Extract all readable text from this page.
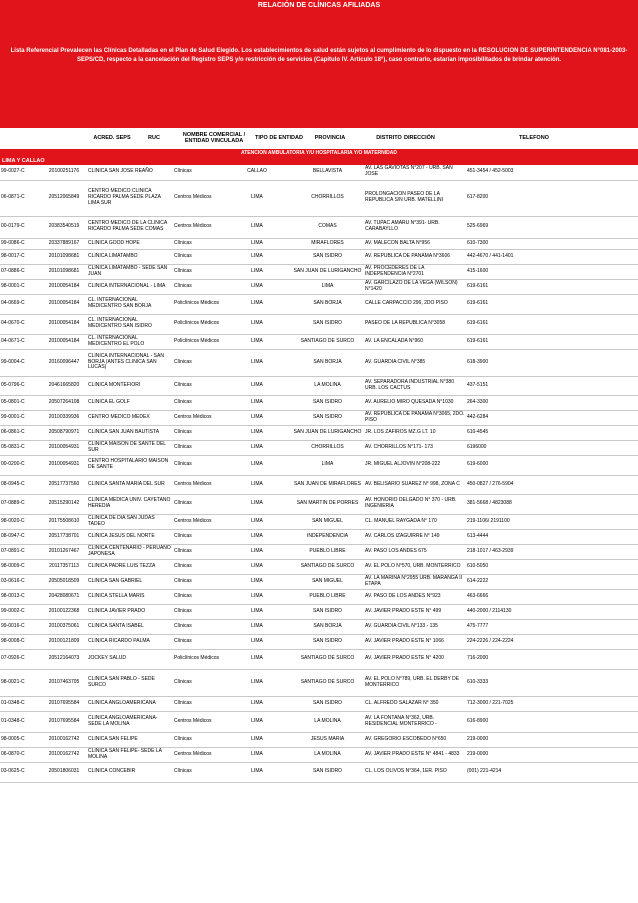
RELACIÓN DE CLÍNICAS AFILIADAS
Lista Referencial Prevalecen las Clínicas Detalladas en el Plan de Salud Elegido. Los establecimientos de salud están sujetos al cumplimiento de lo dispuesto en la RESOLUCION DE SUPERINTENDENCIA N°081-2003-SEPS/CD, respecto a la cancelación del Registro SEPS y/o restricción de servicios (Capítulo IV. Artículo 18°), caso contrario, estarían imposibilitados de brindar atención.
ACRED. SEPS	RUC
NOMBRE COMERCIAL / ENTIDAD VINCULADA
TIPO DE ENTIDAD	PROVINCIA	DISTRITO DIRECCIÓN	TELEFONO
ATENCION AMBULATORIA Y/U HOSPITALARIA Y/O MATERNIDAD
LIMA Y CALLAO
99-0027-C	20100251176	CLINICA SAN JOSE REAÑO	Clínicas	CALLAO	BELLAVISTA	AV. LAS GAVIOTAS N°207 - URB. SAN JOSE	451-3454 / 452-5003
06-0871-C	20512065849	CENTRO MEDICO CLINICA RICARDO PALMA SEDE PLAZA LIMA SUR	Centros Médicos	LIMA	CHORRILLOS	PROLONGACION PASEO DE LA REPUBLICA S/N URB. MATELLINI	617-8200
00-0179-C	20383540519	CENTRO MEDICO DE LA CLINICA RICARDO PALMA SEDE COMAS	Centros Médicos	LIMA	COMAS	AV. TUPAC AMARU N°391- URB. CARABAYLLO	525-6969
99-0086-C	20337889167	CLINICA GOOD HOPE	Clínicas	LIMA	MIRAFLORES	AV. MALECON BALTA N°956	610-7300
98-0017-C	20101098681	CLINICA LIMATAMBO	Clínicas	LIMA	SAN ISIDRO	AV. REPUBLICA DE PANAMA N°3606	442-4670 / 441-1401
07-0886-C	20101098681	CLINICA LIMATAMBO - SEDE SAN JUAN	Clínicas	LIMA	SAN JUAN DE LURIGANCHO	AV. PROCEDERES DE LA INDEPENDENCIA N°2701	415-1600
98-0001-C	20100054184	CLINICA INTERNACIONAL - LIMA	Clínicas	LIMA	LIMA	AV. GARCILAZO DE LA VEGA (WILSON) N°1420	619-6161
04-0669-C	20100054184	CL. INTERNACIONAL MEDICENTRO SAN BORJA	Policlínicos Médicos	LIMA	SAN BORJA	CALLE CARPACCIO 296, 2DO PISO	619-6161
04-0670-C	20100054184	CL. INTERNACIONAL MEDICENTRO SAN ISIDRO	Policlínicos Médicos	LIMA	SAN ISIDRO	PASEO DE LA REPUBLICA N°3058	619-6161
04-0671-C	20100054184	CL. INTERNACIONAL MEDICENTRO EL POLO	Policlínicos Médicos	LIMA	SANTIAGO DE SURCO	AV. LA ENCALADA N°960	619-6161
99-0004-C	20160096447	CLINICA INTERNACIONAL - SAN BORJA (ANTES CLINICA SAN LUCAS)	Clínicas	LIMA	SAN BORJA	AV. GUARDIA CIVIL N°385	618-3900
05-0796-C	20461665820	CLINICA MONTEFIORI	Clínicas	LIMA	LA MOLINA	AV. SEPARADORA INDUSTRIAL N°380 URB. LOS CACTUS	437-5151
05-0801-C	20507264108	CLINICA EL GOLF	Clínicas	LIMA	SAN ISIDRO	AV. AURELIO MIRO QUESADA N°1030	264-3300
99-0001-C	20100339936	CENTRO MEDICO MEDEX	Centros Médicos	LIMA	SAN ISIDRO	AV. REPUBLICA DE PANAMA N°3065, 2DO. PISO	442-6284
06-0861-C	20508790971	CLINICA SAN JUAN BAUTISTA	Clínicas	LIMA	SAN JUAN DE LURIGANCHO	JR. LOS ZAFIROS MZ.G LT. 10	610-4545
05-0831-C	20100054931	CLINICA MAISON DE SANTE DEL SUR	Clínicas	LIMA	CHORRILLOS	AV. CHORRILLOS N°171- 173	6196000
00-0200-C	20100054931	CENTRO HOSPITALARIO MAISON DE SANTE	Clínicas	LIMA	LIMA	JR. MIGUEL ALJOVIN N°208-222	619-6000
08-0945-C	20517737560	CLINICA SANTA MARIA DEL SUR	Centros Médicos	LIMA	SAN JUAN DE MIRAFLORES	AV. BELISARIO SUAREZ N° 998, ZONA C	450-0827 / 276-5904
07-0889-C	20515290142	CLINICA MEDICA UNIV. CAYETANO HEREDIA	Clínicas	LIMA	SAN MARTIN DE PORRES	AV. HONORIO DELGADO N° 370 - URB. INGENIERIA	381-5668 / 4823088
98-0020-C	20175508610	CLINICA DE DIA SAN JUDAS TADEO	Centros Médicos	LIMA	SAN MIGUEL	CL. MANUEL RAYGADA N° 170	219-1106/ 2191100
08-0947-C	20517738701	CLINICA JESUS DEL NORTE	Clínicas	LIMA	INDEPENDENCIA	AV. CARLOS IZAGUIRRE N° 149	613-4444
07-0891-C	20101267467	CLINICA CENTENARIO - PERUANO JAPONESA	Clínicas	LIMA	PUEBLO LIBRE	AV. PASO LOS ANDES 675	218-1017 / 463-2939
98-0009-C	20117357113	CLINICA PADRE LUIS TEZZA	Clínicas	LIMA	SANTIAGO DE SURCO	AV. EL POLO N°570, URB. MONTERRICO	610-5050
03-0616-C	20505018509	CLINICA SAN GABRIEL	Clínicas	LIMA	SAN MIGUEL	AV. LA MARINA N°2955 URB. MARANGA II ETAPA	614-2222
98-0013-C	20428080671	CLINICA STELLA MARIS	Clínicas	LIMA	PUEBLO LIBRE	AV. PASO DE LOS ANDES N°923	463-6666
99-0002-C	20100122368	CLINICA JAVIER PRADO	Clínicas	LIMA	SAN ISIDRO	AV. JAVIER PRADO ESTE N° 499	440-2000 / 2114130
99-0016-C	20100375061	CLINICA SANTA ISABEL	Clínicas	LIMA	SAN BORJA	AV. GUARDIA CIVIL N°133 - 135	475-7777
98-0008-C	20100121809	CLINICA RICARDO PALMA	Clínicas	LIMA	SAN ISIDRO	AV. JAVIER PRADO ESTE N° 1066	224-2226 / 224-2224
07-0926-C	20512164073	JOCKEY SALUD	Policlínicos Médicos	LIMA	SANTIAGO DE SURCO	AV. JAVIER PRADO ESTE N° 4200	716-2000
98-0021-C	20107463705	CLINICA SAN PABLO - SEDE SURCO	Clínicas	LIMA	SANTIAGO DE SURCO	AV. EL POLO N°789, URB. EL DERBY DE MONTERRICO	610-3333
01-0348-C	20107695584	CLINICA ANGLOAMERICANA	Clínicas	LIMA	SAN ISIDRO	CL. ALFREDO SALAZAR N° 350	712-3000 / 221-7025
01-0348-C	20107695584	CLINICA ANGLOAMERICANA- SEDE LA MOLINA	Centros Médicos	LIMA	LA MOLINA	AV. LA FONTANA N°362, URB. RESIDENCIAL MONTERRICO -	616-8900
98-0005-C	20100162742	CLINICA SAN FELIPE	Clínicas	LIMA	JESUS MARIA	AV. GREGORIO ESCOBEDO N°650	219-0000
06-0870-C	20100162742	CLINICA SAN FELIPE- SEDE LA MOLINA	Centros Médicos	LIMA	LA MOLINA	AV. JAVIER PRADO ESTE N° 4841 - 4833	219-0000
03-0625-C	20501806031	CLINICA CONCEBIR	Clínicas	LIMA	SAN ISIDRO	CL. LOS OLIVOS N°364, 1ER. PISO	(001) 221-4214
